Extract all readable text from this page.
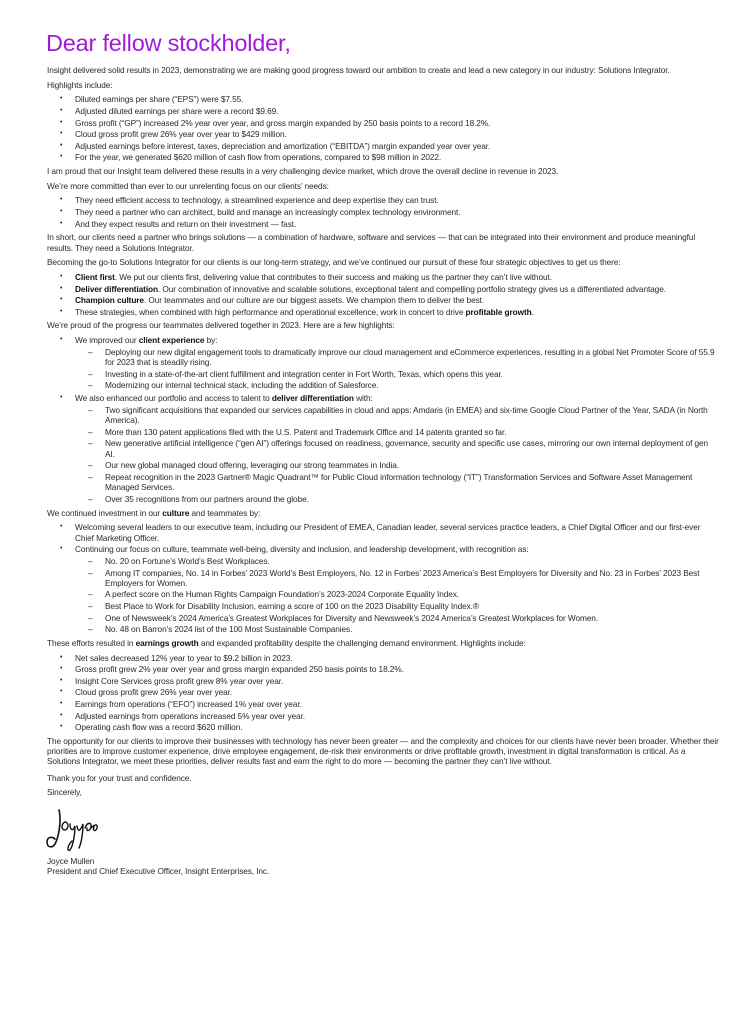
Dear fellow stockholder,

Insight delivered solid results in 2023, demonstrating we are making good progress toward our ambition to create and lead a new category in our industry: Solutions Integrator.

Highlights include:

• Diluted earnings per share (“EPS”) were $7.55.
• Adjusted diluted earnings per share were a record $9.69.
• Gross profit (“GP”) increased 2% year over year, and gross margin expanded by 250 basis points to a record 18.2%.
• Cloud gross profit grew 26% year over year to $429 million.
• Adjusted earnings before interest, taxes, depreciation and amortization (“EBITDA”) margin expanded year over year.
• For the year, we generated $620 million of cash flow from operations, compared to $98 million in 2022.

I am proud that our Insight team delivered these results in a very challenging device market, which drove the overall decline in revenue in 2023.

We’re more committed than ever to our unrelenting focus on our clients’ needs:

• They need efficient access to technology, a streamlined experience and deep expertise they can trust.
• They need a partner who can architect, build and manage an increasingly complex technology environment.
• And they expect results and return on their investment — fast.

In short, our clients need a partner who brings solutions — a combination of hardware, software and services — that can be integrated into their environment and produce meaningful results. They need a Solutions Integrator.

Becoming the go-to Solutions Integrator for our clients is our long-term strategy, and we’ve continued our pursuit of these four strategic objectives to get us there:

• Client first. We put our clients first, delivering value that contributes to their success and making us the partner they can’t live without.
• Deliver differentiation. Our combination of innovative and scalable solutions, exceptional talent and compelling portfolio strategy gives us a differentiated advantage.
• Champion culture. Our teammates and our culture are our biggest assets. We champion them to deliver the best.
• These strategies, when combined with high performance and operational excellence, work in concert to drive profitable growth.

We’re proud of the progress our teammates delivered together in 2023. Here are a few highlights:

• We improved our client experience by:
– Deploying our new digital engagement tools to dramatically improve our cloud management and eCommerce experiences, resulting in a global Net Promoter Score of 55.9 for 2023 that is steadily rising.
– Investing in a state-of-the-art client fulfillment and integration center in Fort Worth, Texas, which opens this year.
– Modernizing our internal technical stack, including the addition of Salesforce.
• We also enhanced our portfolio and access to talent to deliver differentiation with:
– Two significant acquisitions that expanded our services capabilities in cloud and apps: Amdaris (in EMEA) and six-time Google Cloud Partner of the Year, SADA (in North America).
– More than 130 patent applications filed with the U.S. Patent and Trademark Office and 14 patents granted so far.
– New generative artificial intelligence (“gen AI”) offerings focused on readiness, governance, security and specific use cases, mirroring our own internal deployment of gen AI.
– Our new global managed cloud offering, leveraging our strong teammates in India.
– Repeat recognition in the 2023 Gartner® Magic Quadrant™ for Public Cloud information technology (“IT”) Transformation Services and Software Asset Management Managed Services.
– Over 35 recognitions from our partners around the globe.

We continued investment in our culture and teammates by:

• Welcoming several leaders to our executive team, including our President of EMEA, Canadian leader, several services practice leaders, a Chief Digital Officer and our first-ever Chief Marketing Officer.
• Continuing our focus on culture, teammate well-being, diversity and inclusion, and leadership development, with recognition as:
– No. 20 on Fortune’s World’s Best Workplaces.
– Among IT companies, No. 14 in Forbes’ 2023 World’s Best Employers, No. 12 in Forbes’ 2023 America’s Best Employers for Diversity and No. 23 in Forbes’ 2023 Best Employers for Women.
– A perfect score on the Human Rights Campaign Foundation’s 2023-2024 Corporate Equality Index.
– Best Place to Work for Disability Inclusion, earning a score of 100 on the 2023 Disability Equality Index.®
– One of Newsweek’s 2024 America’s Greatest Workplaces for Diversity and Newsweek’s 2024 America’s Greatest Workplaces for Women.
– No. 48 on Barron’s 2024 list of the 100 Most Sustainable Companies.

These efforts resulted in earnings growth and expanded profitability despite the challenging demand environment. Highlights include:

• Net sales decreased 12% year to year to $9.2 billion in 2023.
• Gross profit grew 2% year over year and gross margin expanded 250 basis points to 18.2%.
• Insight Core Services gross profit grew 8% year over year.
• Cloud gross profit grew 26% year over year.
• Earnings from operations (“EFO”) increased 1% year over year.
• Adjusted earnings from operations increased 5% year over year.
• Operating cash flow was a record $620 million.

The opportunity for our clients to improve their businesses with technology has never been greater — and the complexity and choices for our clients have never been broader. Whether their priorities are to improve customer experience, drive employee engagement, de-risk their environments or drive profitable growth, investment in digital transformation is critical. As a Solutions Integrator, we meet these priorities, deliver results fast and earn the right to do more — becoming the partner they can’t live without.

Thank you for your trust and confidence.

Sincerely,

Joyce Mullen

President and Chief Executive Officer, Insight Enterprises, Inc.
